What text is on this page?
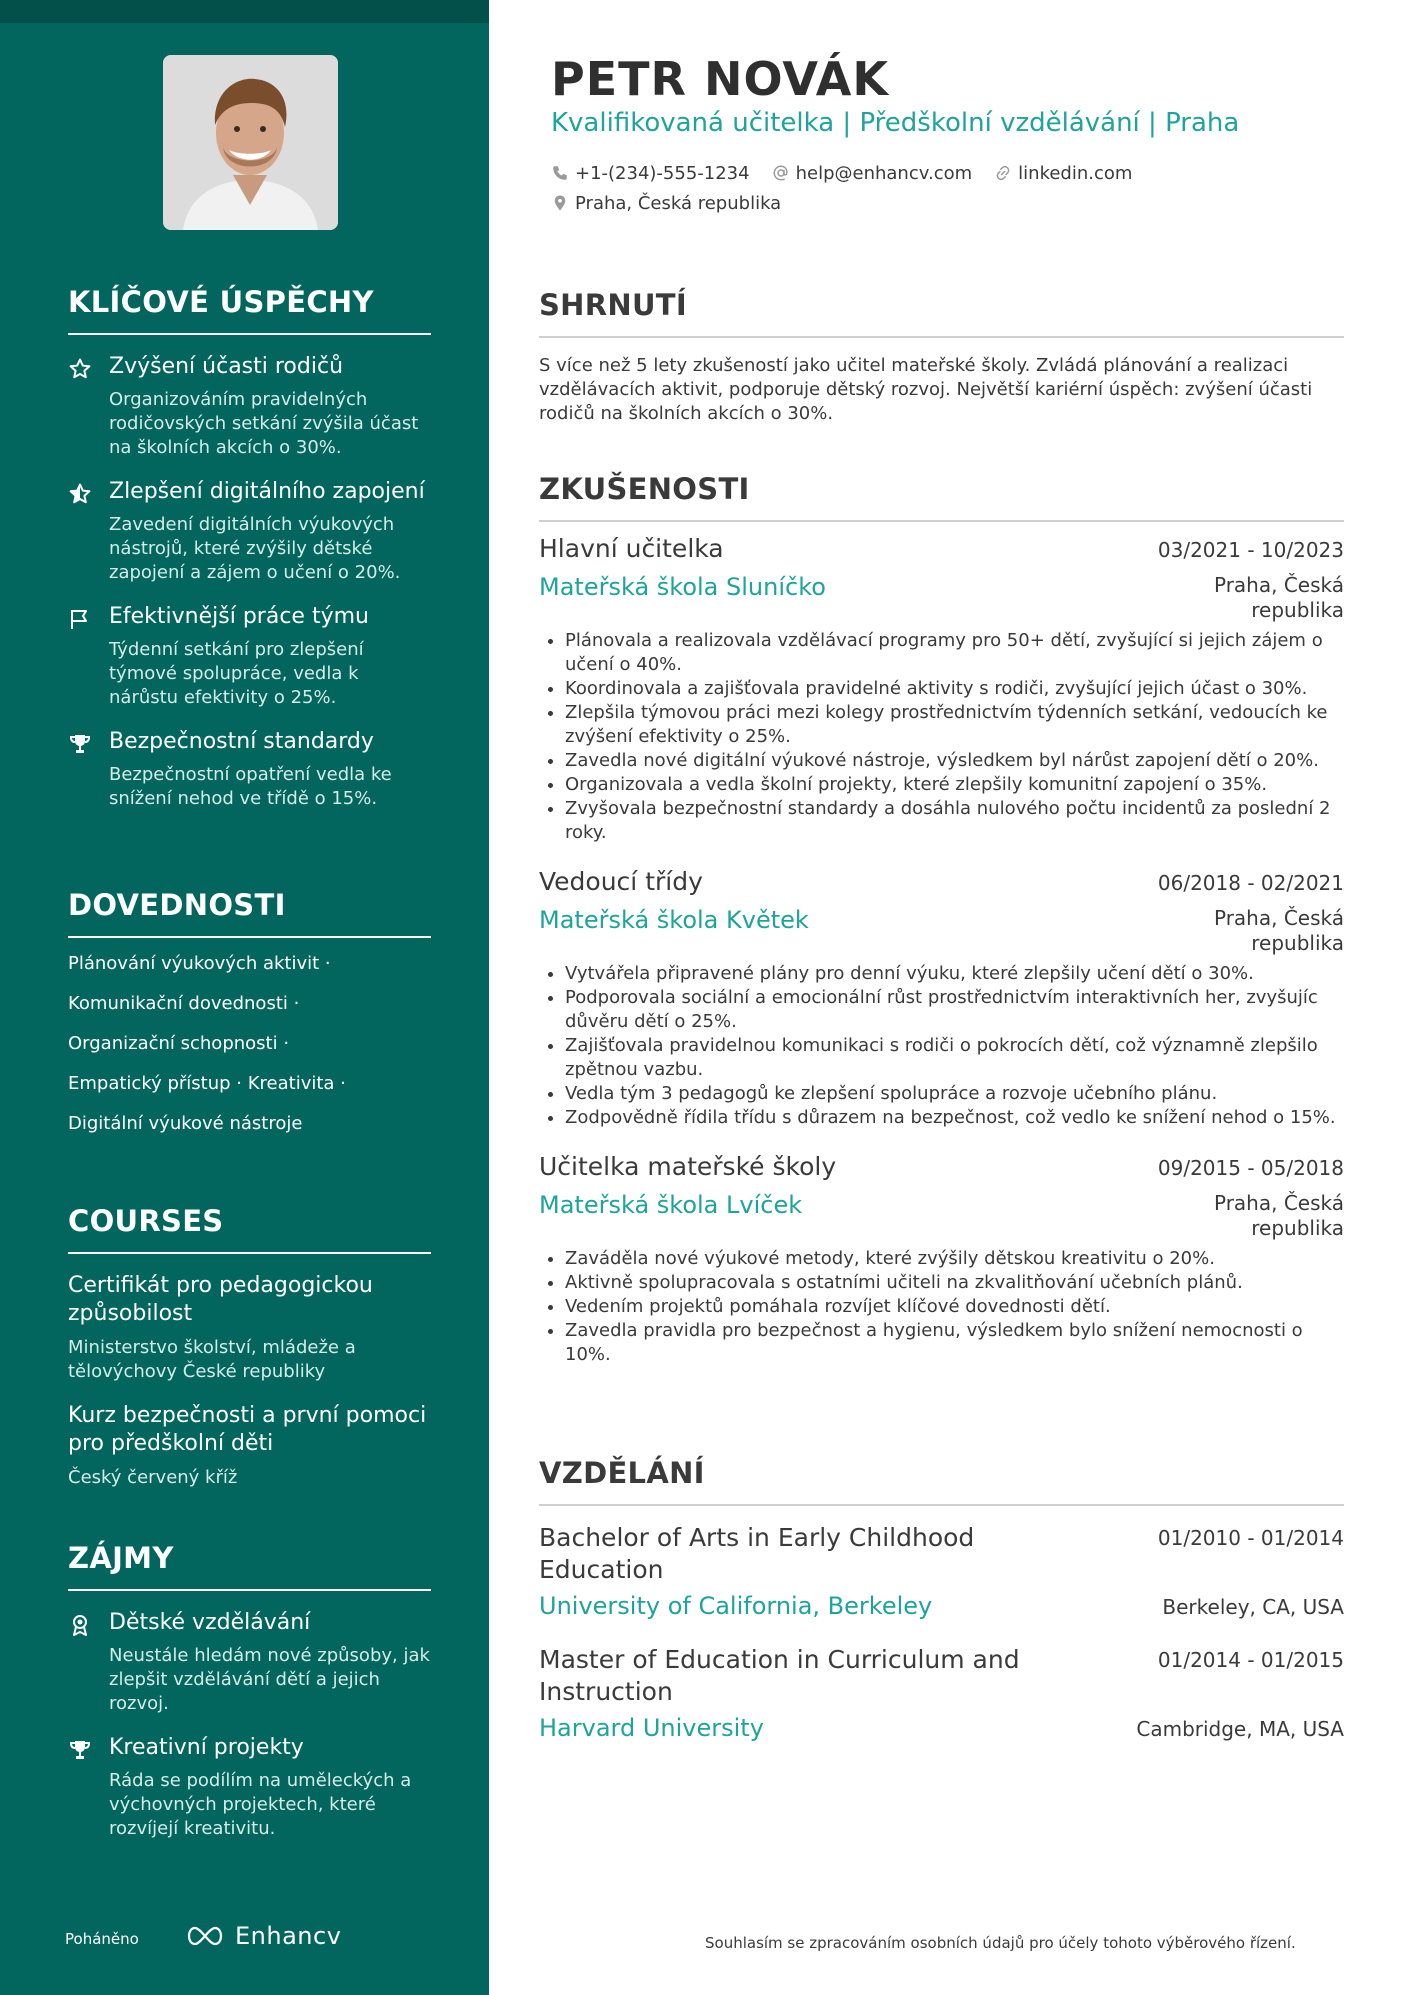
KLÍČOVÉ ÚSPĚCHY
Zvýšení účasti rodičů
Organizováním pravidelných rodičovských setkání zvýšila účast na školních akcích o 30%.
Zlepšení digitálního zapojení
Zavedení digitálních výukových nástrojů, které zvýšily dětské zapojení a zájem o učení o 20%.
Efektivnější práce týmu
Týdenní setkání pro zlepšení týmové spolupráce, vedla k nárůstu efektivity o 25%.
Bezpečnostní standardy
Bezpečnostní opatření vedla ke snížení nehod ve třídě o 15%.
DOVEDNOSTI
Plánování výukových aktivit ·
Komunikační dovednosti ·
Organizační schopnosti ·
Empatický přístup · Kreativita ·
Digitální výukové nástroje
COURSES
Certifikát pro pedagogickou způsobilost
Ministerstvo školství, mládeže a tělovýchovy České republiky
Kurz bezpečnosti a první pomoci pro předškolní děti
Český červený kříž
ZÁJMY
Dětské vzdělávání
Neustále hledám nové způsoby, jak zlepšit vzdělávání dětí a jejich rozvoj.
Kreativní projekty
Ráda se podílím na uměleckých a výchovných projektech, které rozvíjejí kreativitu.
Poháněno	Enhancv
PETR NOVÁK
Kvalifikovaná učitelka | Předškolní vzdělávání | Praha
+1-(234)-555-1234	help@enhancv.com	linkedin.com
Praha, Česká republika
SHRNUTÍ
S více než 5 lety zkušeností jako učitel mateřské školy. Zvládá plánování a realizaci vzdělávacích aktivit, podporuje dětský rozvoj. Největší kariérní úspěch: zvýšení účasti rodičů na školních akcích o 30%.
ZKUŠENOSTI
Hlavní učitelka	03/2021 - 10/2023
Mateřská škola Sluníčko	Praha, Česká republika
• Plánovala a realizovala vzdělávací programy pro 50+ dětí, zvyšující si jejich zájem o učení o 40%.
• Koordinovala a zajišťovala pravidelné aktivity s rodiči, zvyšující jejich účast o 30%.
• Zlepšila týmovou práci mezi kolegy prostřednictvím týdenních setkání, vedoucích ke zvýšení efektivity o 25%.
• Zavedla nové digitální výukové nástroje, výsledkem byl nárůst zapojení dětí o 20%.
• Organizovala a vedla školní projekty, které zlepšily komunitní zapojení o 35%.
• Zvyšovala bezpečnostní standardy a dosáhla nulového počtu incidentů za poslední 2 roky.
Vedoucí třídy	06/2018 - 02/2021
Mateřská škola Květek	Praha, Česká republika
• Vytvářela připravené plány pro denní výuku, které zlepšily učení dětí o 30%.
• Podporovala sociální a emocionální růst prostřednictvím interaktivních her, zvyšujíc důvěru dětí o 25%.
• Zajišťovala pravidelnou komunikaci s rodiči o pokrocích dětí, což významně zlepšilo zpětnou vazbu.
• Vedla tým 3 pedagogů ke zlepšení spolupráce a rozvoje učebního plánu.
• Zodpovědně řídila třídu s důrazem na bezpečnost, což vedlo ke snížení nehod o 15%.
Učitelka mateřské školy	09/2015 - 05/2018
Mateřská škola Lvíček	Praha, Česká republika
• Zaváděla nové výukové metody, které zvýšily dětskou kreativitu o 20%.
• Aktivně spolupracovala s ostatními učiteli na zkvalitňování učebních plánů.
• Vedením projektů pomáhala rozvíjet klíčové dovednosti dětí.
• Zavedla pravidla pro bezpečnost a hygienu, výsledkem bylo snížení nemocnosti o 10%.
VZDĚLÁNÍ
Bachelor of Arts in Early Childhood Education
01/2010 - 01/2014
University of California, Berkeley	Berkeley, CA, USA
Master of Education in Curriculum and Instruction
01/2014 - 01/2015
Harvard University	Cambridge, MA, USA
Souhlasím se zpracováním osobních údajů pro účely tohoto výběrového řízení.
